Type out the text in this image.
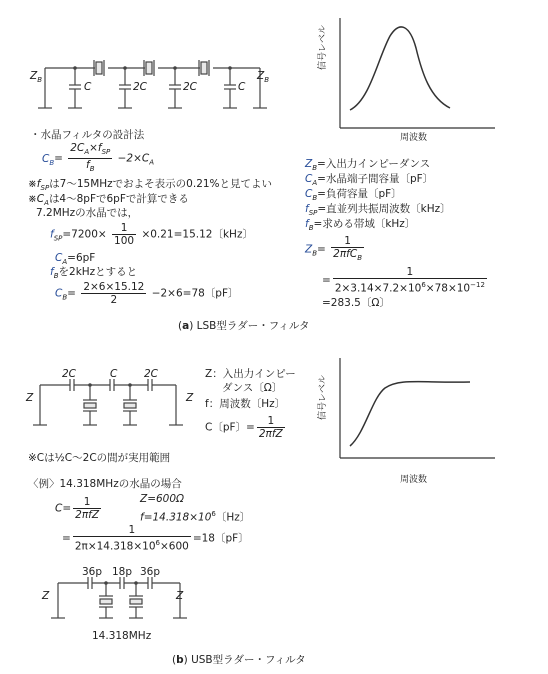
$Z_B$	$Z_B$
C	2C	2C	C
信号レベル
周波数
・水晶フィルタの設計法
$C_B= \frac{2C_A\times f_{SP}}{f_B} -2\times C_A$
$※f_{SP}$は7〜15MHzでおよそ表示の0.21%と見てよい
$※C_A$は4〜8pFで6pFで計算できる
7.2MHzの水晶では，
$f_{SP}=7200\times \frac{1}{100} \times 0.21=15.12$〔kHz〕
$C_A=6pF$
$f_B$を2kHzとすると
$C_B= \frac{2\times 6\times 15.12}{2} -2\times 6=78$〔pF〕
$Z_B=$入出力インピーダンス
$C_A=$水晶端子間容量〔pF〕
$C_B=$負荷容量〔pF〕
$f_{SP}=$直並列共振周波数〔kHz〕
$f_B=$求める帯域〔kHz〕
$Z_B= \frac{1}{2\pi fC_B}$
= $\frac{1}{2\times 3.14\times 7.2\times 10^6\times 78\times 10^{-12}}$
=283.5〔Ω〕
(a) LSB型ラダー・フィルタ
Z	Z
2C	C	2C	Z：入出力インピー
ダンス〔Ω〕
f：周波数〔Hz〕
C〔pF〕= $\frac{1}{\text{2πfZ}}$
信号レベル
周波数
※Cは½C〜2Cの間が実用範囲
〈例〉14.318MHzの水晶の場合
$C= \frac{1}{\text{2πfZ}}$	Z=600Ω
$f=14.318\times 10^6$〔Hz〕
= $\frac{1}{2\pi\times 14.318\times 10^6\times 600} =18$〔pF〕
36p 18p 36p
Z	Z
14.318MHz
(b) USB型ラダー・フィルタ
